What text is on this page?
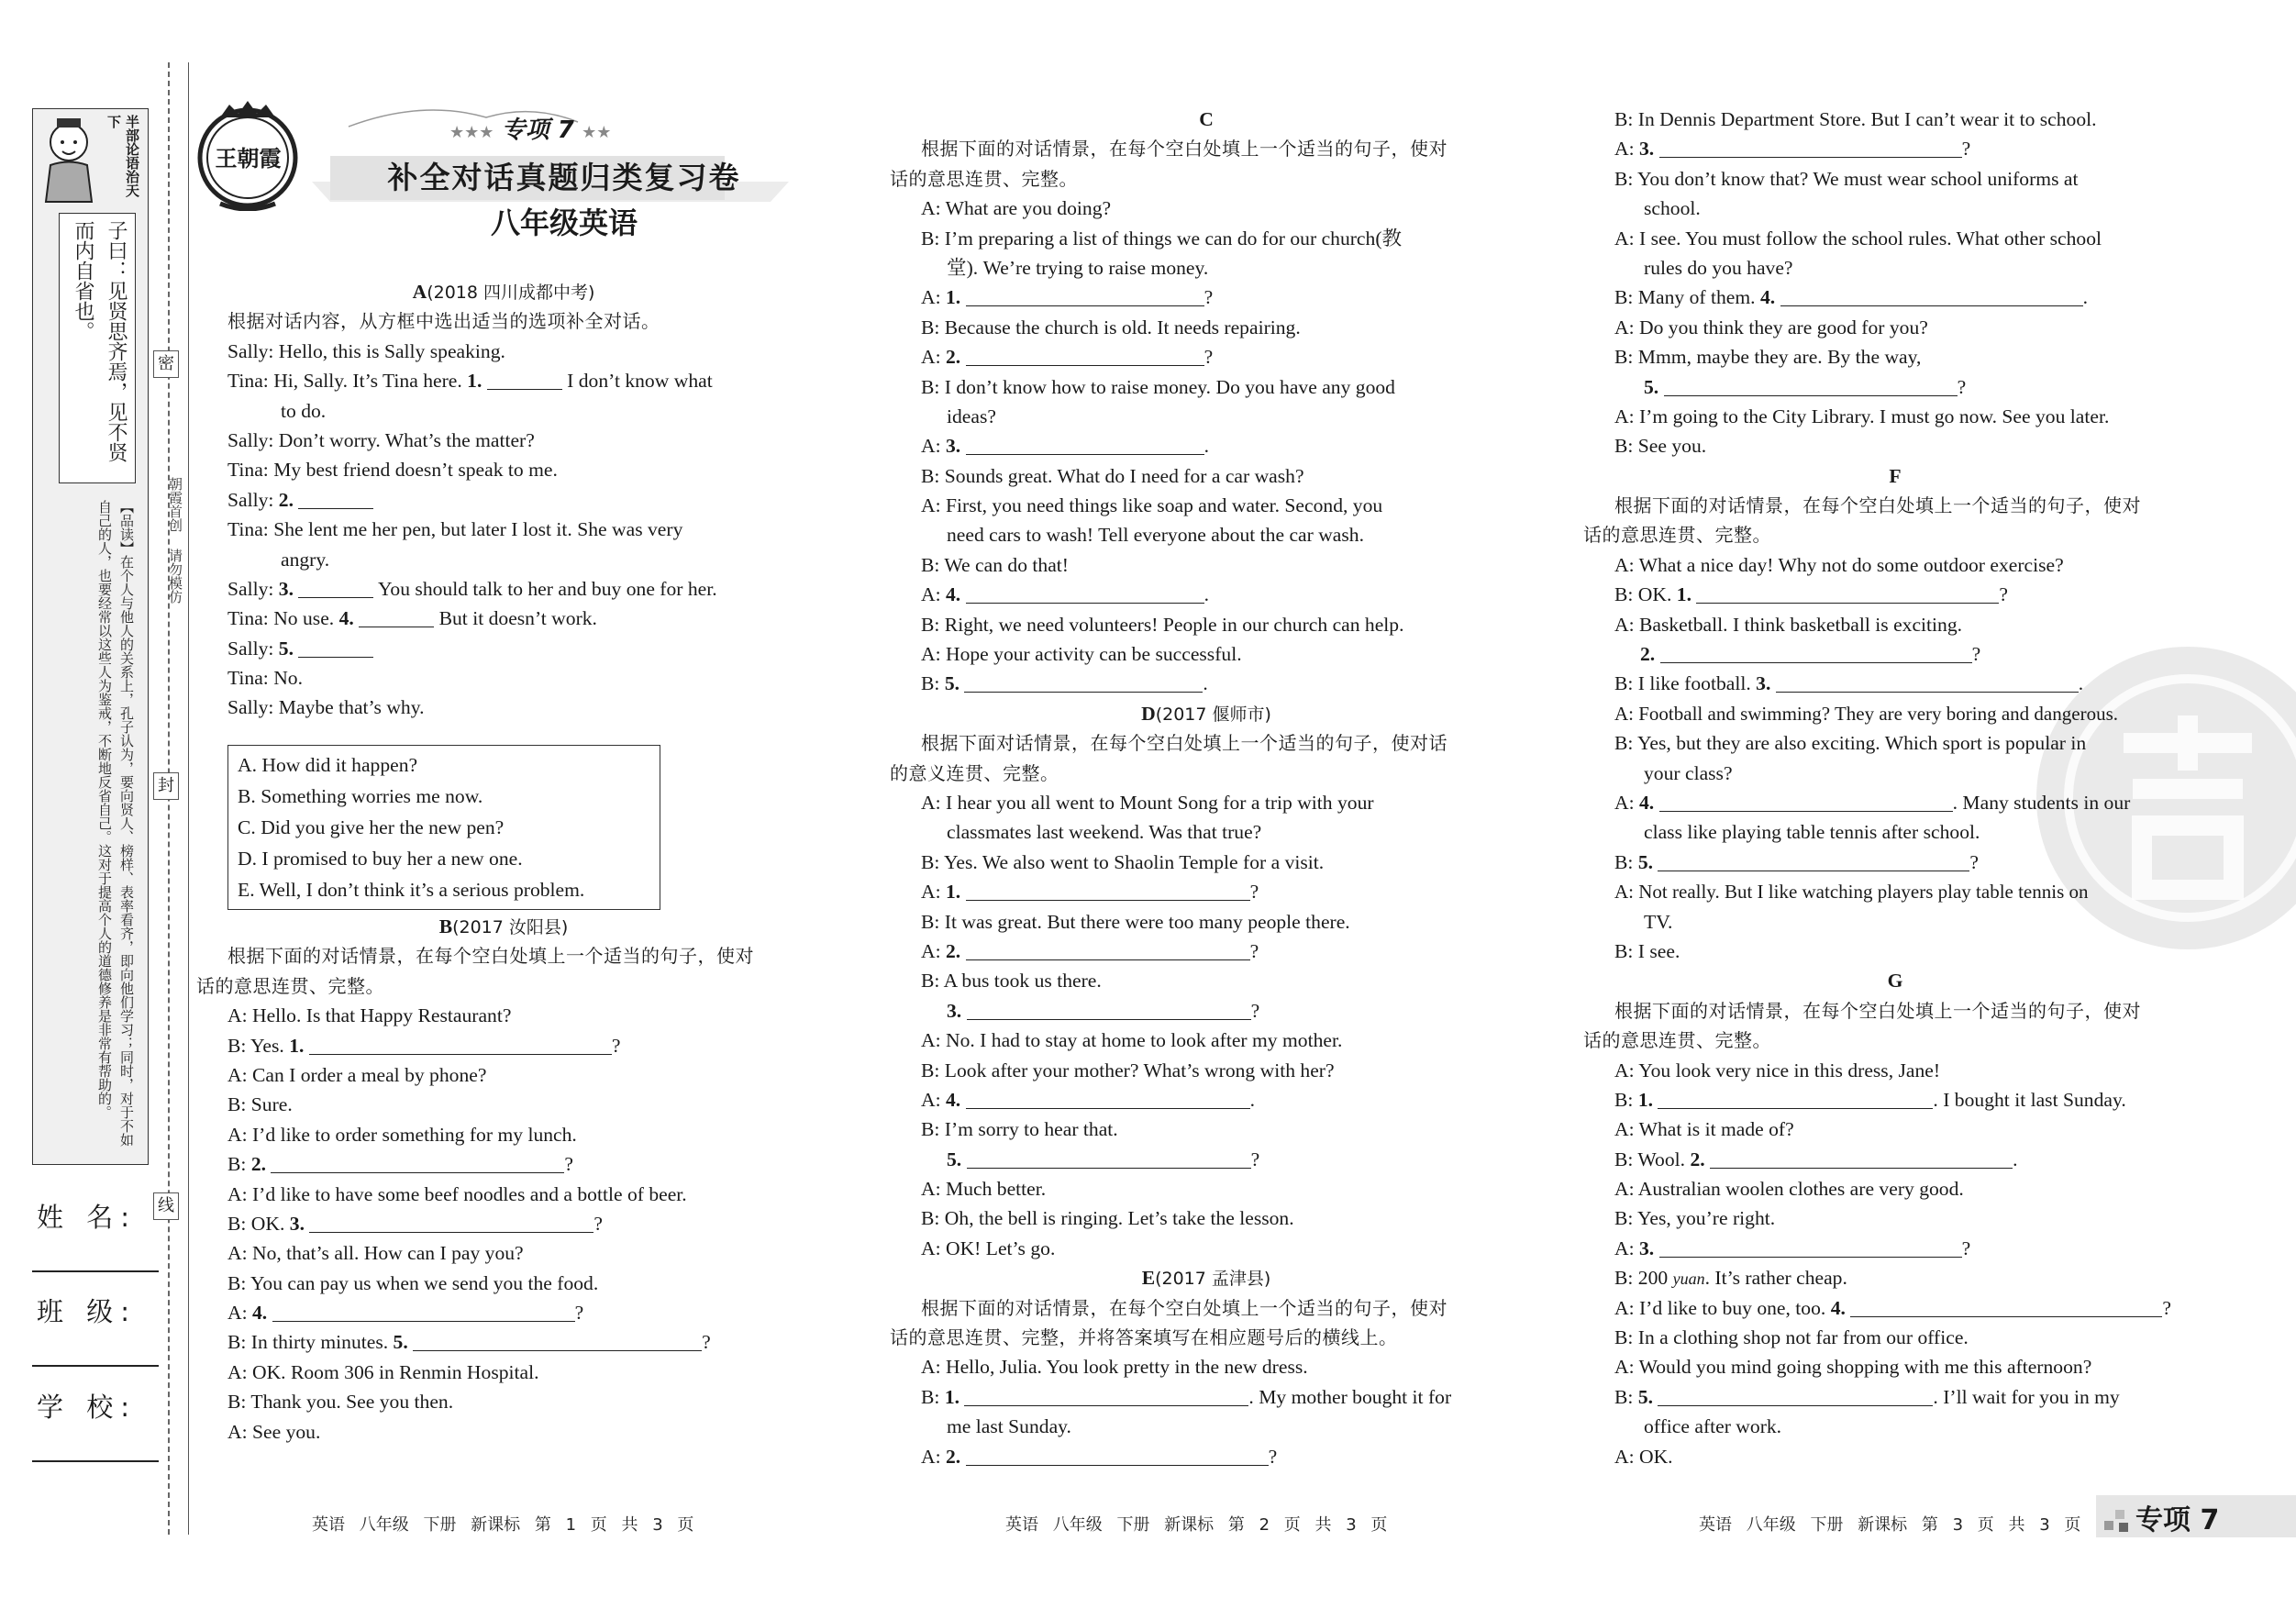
半部论语治天下
子曰：见贤思齐焉，见不贤而内自省也。
【品读】在个人与他人的关系上，孔子认为，要向贤人、榜样、表率看齐，即向他们学习；同时，对于不如自己的人，也要经常以这些人为鉴戒，不断地反省自己。这对于提高个人的道德修养是非常有帮助的。
密
封
线
朝霞首创 请勿模仿
姓 名:
班 级:
学 校:
王朝霞
★★★ 专项 7 ★★
补全对话真题归类复习卷
八年级英语
A(2018 四川成都中考)
根据对话内容，从方框中选出适当的选项补全对话。
Sally: Hello, this is Sally speaking.
Tina: Hi, Sally. It’s Tina here. 1.	I don’t know what
to do.
Sally: Don’t worry. What’s the matter?
Tina: My best friend doesn’t speak to me.
Sally: 2.
Tina: She lent me her pen, but later I lost it. She was very
angry.
Sally: 3.	You should talk to her and buy one for her.
Tina: No use. 4.	But it doesn’t work.
Sally: 5.
Tina: No.
Sally: Maybe that’s why.
A. How did it happen?
B. Something worries me now.
C. Did you give her the new pen?
D. I promised to buy her a new one.
E. Well, I don’t think it’s a serious problem.
B(2017 汝阳县)
根据下面的对话情景，在每个空白处填上一个适当的句子，使对
话的意思连贯、完整。
A: Hello. Is that Happy Restaurant?
B: Yes. 1.	?
A: Can I order a meal by phone?
B: Sure.
A: I’d like to order something for my lunch.
B: 2.	?
A: I’d like to have some beef noodles and a bottle of beer.
B: OK. 3.	?
A: No, that’s all. How can I pay you?
B: You can pay us when we send you the food.
A: 4.	?
B: In thirty minutes. 5.	?
A: OK. Room 306 in Renmin Hospital.
B: Thank you. See you then.
A: See you.
C
根据下面的对话情景，在每个空白处填上一个适当的句子，使对
话的意思连贯、完整。
A: What are you doing?
B: I’m preparing a list of things we can do for our church(教
堂). We’re trying to raise money.
A: 1.	?
B: Because the church is old. It needs repairing.
A: 2.	?
B: I don’t know how to raise money. Do you have any good
ideas?
A: 3.	.
B: Sounds great. What do I need for a car wash?
A: First, you need things like soap and water. Second, you
need cars to wash! Tell everyone about the car wash.
B: We can do that!
A: 4.	.
B: Right, we need volunteers! People in our church can help.
A: Hope your activity can be successful.
B: 5.	.
D(2017 偃师市)
根据下面对话情景，在每个空白处填上一个适当的句子，使对话
的意义连贯、完整。
A: I hear you all went to Mount Song for a trip with your
classmates last weekend. Was that true?
B: Yes. We also went to Shaolin Temple for a visit.
A: 1.	?
B: It was great. But there were too many people there.
A: 2.	?
B: A bus took us there.
3.	?
A: No. I had to stay at home to look after my mother.
B: Look after your mother? What’s wrong with her?
A: 4.	.
B: I’m sorry to hear that.
5.	?
A: Much better.
B: Oh, the bell is ringing. Let’s take the lesson.
A: OK! Let’s go.
E(2017 孟津县)
根据下面的对话情景，在每个空白处填上一个适当的句子，使对
话的意思连贯、完整，并将答案填写在相应题号后的横线上。
A: Hello, Julia. You look pretty in the new dress.
B: 1.	. My mother bought it for
me last Sunday.
A: 2.	?
B: In Dennis Department Store. But I can’t wear it to school.
A: 3.	?
B: You don’t know that? We must wear school uniforms at
school.
A: I see. You must follow the school rules. What other school
rules do you have?
B: Many of them. 4.	.
A: Do you think they are good for you?
B: Mmm, maybe they are. By the way,
5.	?
A: I’m going to the City Library. I must go now. See you later.
B: See you.
F
根据下面的对话情景，在每个空白处填上一个适当的句子，使对
话的意思连贯、完整。
A: What a nice day! Why not do some outdoor exercise?
B: OK. 1.	?
A: Basketball. I think basketball is exciting.
2.	?
B: I like football. 3.	.
A: Football and swimming? They are very boring and dangerous.
B: Yes, but they are also exciting. Which sport is popular in
your class?
A: 4.	. Many students in our
class like playing table tennis after school.
B: 5.	?
A: Not really. But I like watching players play table tennis on
TV.
B: I see.
G
根据下面的对话情景，在每个空白处填上一个适当的句子，使对
话的意思连贯、完整。
A: You look very nice in this dress, Jane!
B: 1.	. I bought it last Sunday.
A: What is it made of?
B: Wool. 2.	.
A: Australian woolen clothes are very good.
B: Yes, you’re right.
A: 3.	?
B: 200 yuan. It’s rather cheap.
A: I’d like to buy one, too. 4.	?
B: In a clothing shop not far from our office.
A: Would you mind going shopping with me this afternoon?
B: 5.	. I’ll wait for you in my
office after work.
A: OK.
英语 八年级 下册 新课标 第 1 页 共 3 页	英语 八年级 下册 新课标 第 2 页 共 3 页	英语 八年级 下册 新课标 第 3 页 共 3 页 专项 7
